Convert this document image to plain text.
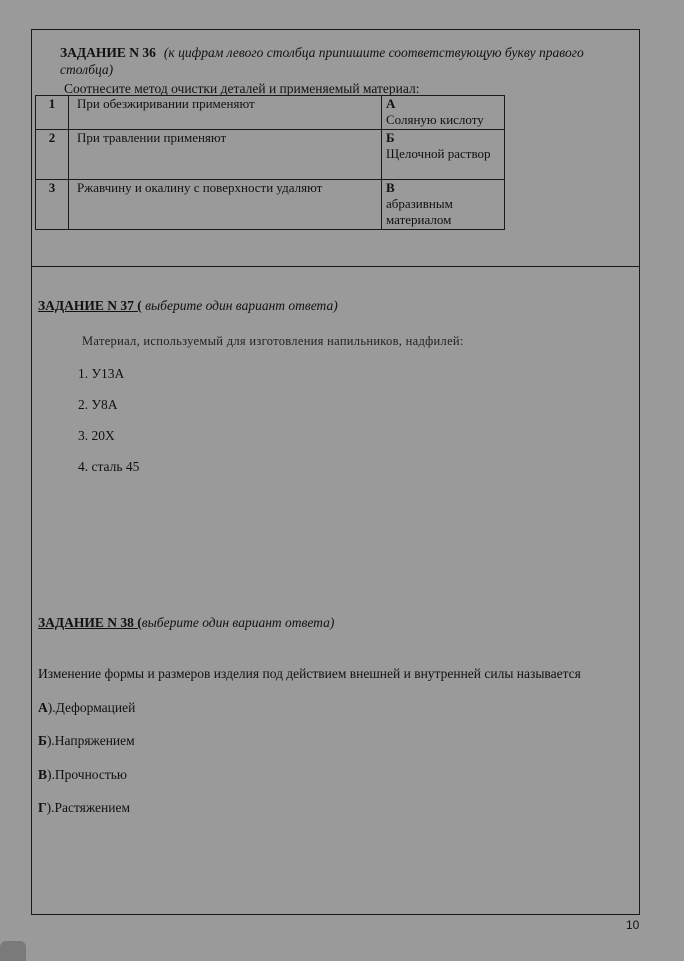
ЗАДАНИЕ N 36 (к цифрам левого столбца припишите соответствующую букву правого столбца)
Соотнесите метод очистки деталей и применяемый материал:
1	При обезжиривании применяют	А
Соляную кислоту
2	При травлении применяют	Б
Щелочной раствор
3	Ржавчину и окалину с поверхности удаляют	В
абразивным материалом
ЗАДАНИЕ N 37 ( выберите один вариант ответа)
Материал, используемый для изготовления напильников, надфилей:
1. У13А
2. У8А
3. 20Х
4. сталь 45
ЗАДАНИЕ N 38 (выберите один вариант ответа)
Изменение формы и размеров изделия под действием внешней и внутренней силы называется
А).Деформацией
Б).Напряжением
В).Прочностью
Г).Растяжением
10
